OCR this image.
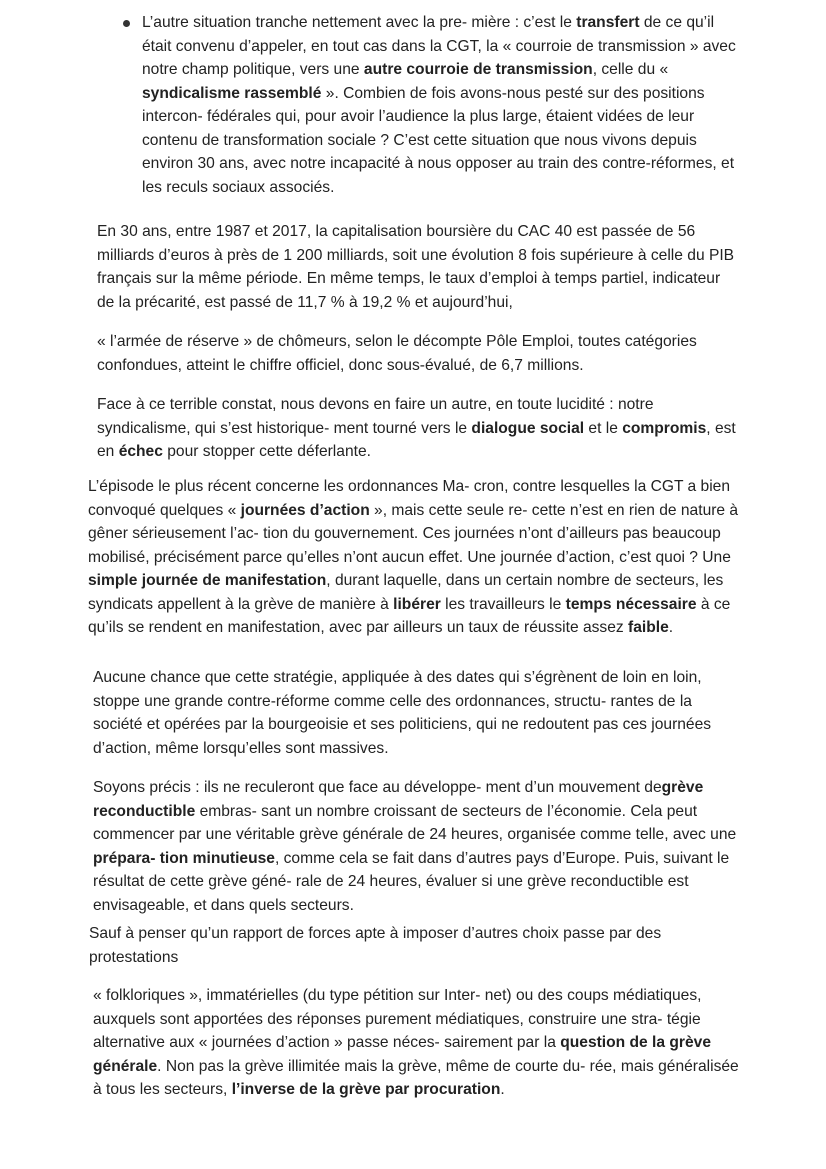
L’autre situation tranche nettement avec la pre- mière : c’est le transfert de ce qu’il était convenu d’appeler, en tout cas dans la CGT, la « courroie de transmission » avec notre champ politique, vers une autre courroie de transmission, celle du « syndicalisme rassemblé ». Combien de fois avons-nous pesté sur des positions intercon- fédérales qui, pour avoir l’audience la plus large, étaient vidées de leur contenu de transformation sociale ? C’est cette situation que nous vivons depuis environ 30 ans, avec notre incapacité à nous opposer au train des contre-réformes, et les reculs sociaux associés.

En 30 ans, entre 1987 et 2017, la capitalisation boursière du CAC 40 est passée de 56 milliards d’euros à près de 1 200 milliards, soit une évolution 8 fois supérieure à celle du PIB français sur la même période. En même temps, le taux d’emploi à temps partiel, indicateur de la précarité, est passé de 11,7 % à 19,2 % et aujourd’hui,

« l’armée de réserve » de chômeurs, selon le décompte Pôle Emploi, toutes catégories confondues, atteint le chiffre officiel, donc sous-évalué, de 6,7 millions.

Face à ce terrible constat, nous devons en faire un autre, en toute lucidité : notre syndicalisme, qui s’est historique- ment tourné vers le dialogue social et le compromis, est en échec pour stopper cette déferlante.

L’épisode le plus récent concerne les ordonnances Ma- cron, contre lesquelles la CGT a bien convoqué quelques « journées d’action », mais cette seule re- cette n’est en rien de nature à gêner sérieusement l’ac- tion du gouvernement. Ces journées n’ont d’ailleurs pas beaucoup mobilisé, précisément parce qu’elles n’ont aucun effet. Une journée d’action, c’est quoi ? Une simple journée de manifestation, durant laquelle, dans un certain nombre de secteurs, les syndicats appellent à la grève de manière à libérer les travailleurs le temps nécessaire à ce qu’ils se rendent en manifestation, avec par ailleurs un taux de réussite assez faible.

Aucune chance que cette stratégie, appliquée à des dates qui s’égrènent de loin en loin, stoppe une grande contre-réforme comme celle des ordonnances, structu- rantes de la société et opérées par la bourgeoisie et ses politiciens, qui ne redoutent pas ces journées d’action, même lorsqu’elles sont massives.

Soyons précis : ils ne reculeront que face au développe- ment d’un mouvement degrève reconductible embras- sant un nombre croissant de secteurs de l’économie. Cela peut commencer par une véritable grève générale de 24 heures, organisée comme telle, avec une prépara- tion minutieuse, comme cela se fait dans d’autres pays d’Europe. Puis, suivant le résultat de cette grève géné- rale de 24 heures, évaluer si une grève reconductible est envisageable, et dans quels secteurs.

Sauf à penser qu’un rapport de forces apte à imposer d’autres choix passe par des protestations

« folkloriques », immatérielles (du type pétition sur Inter- net) ou des coups médiatiques, auxquels sont apportées des réponses purement médiatiques, construire une stra- tégie alternative aux « journées d’action » passe néces- sairement par la question de la grève générale. Non pas la grève illimitée mais la grève, même de courte du- rée, mais généralisée à tous les secteurs, l’inverse de la grève par procuration.
